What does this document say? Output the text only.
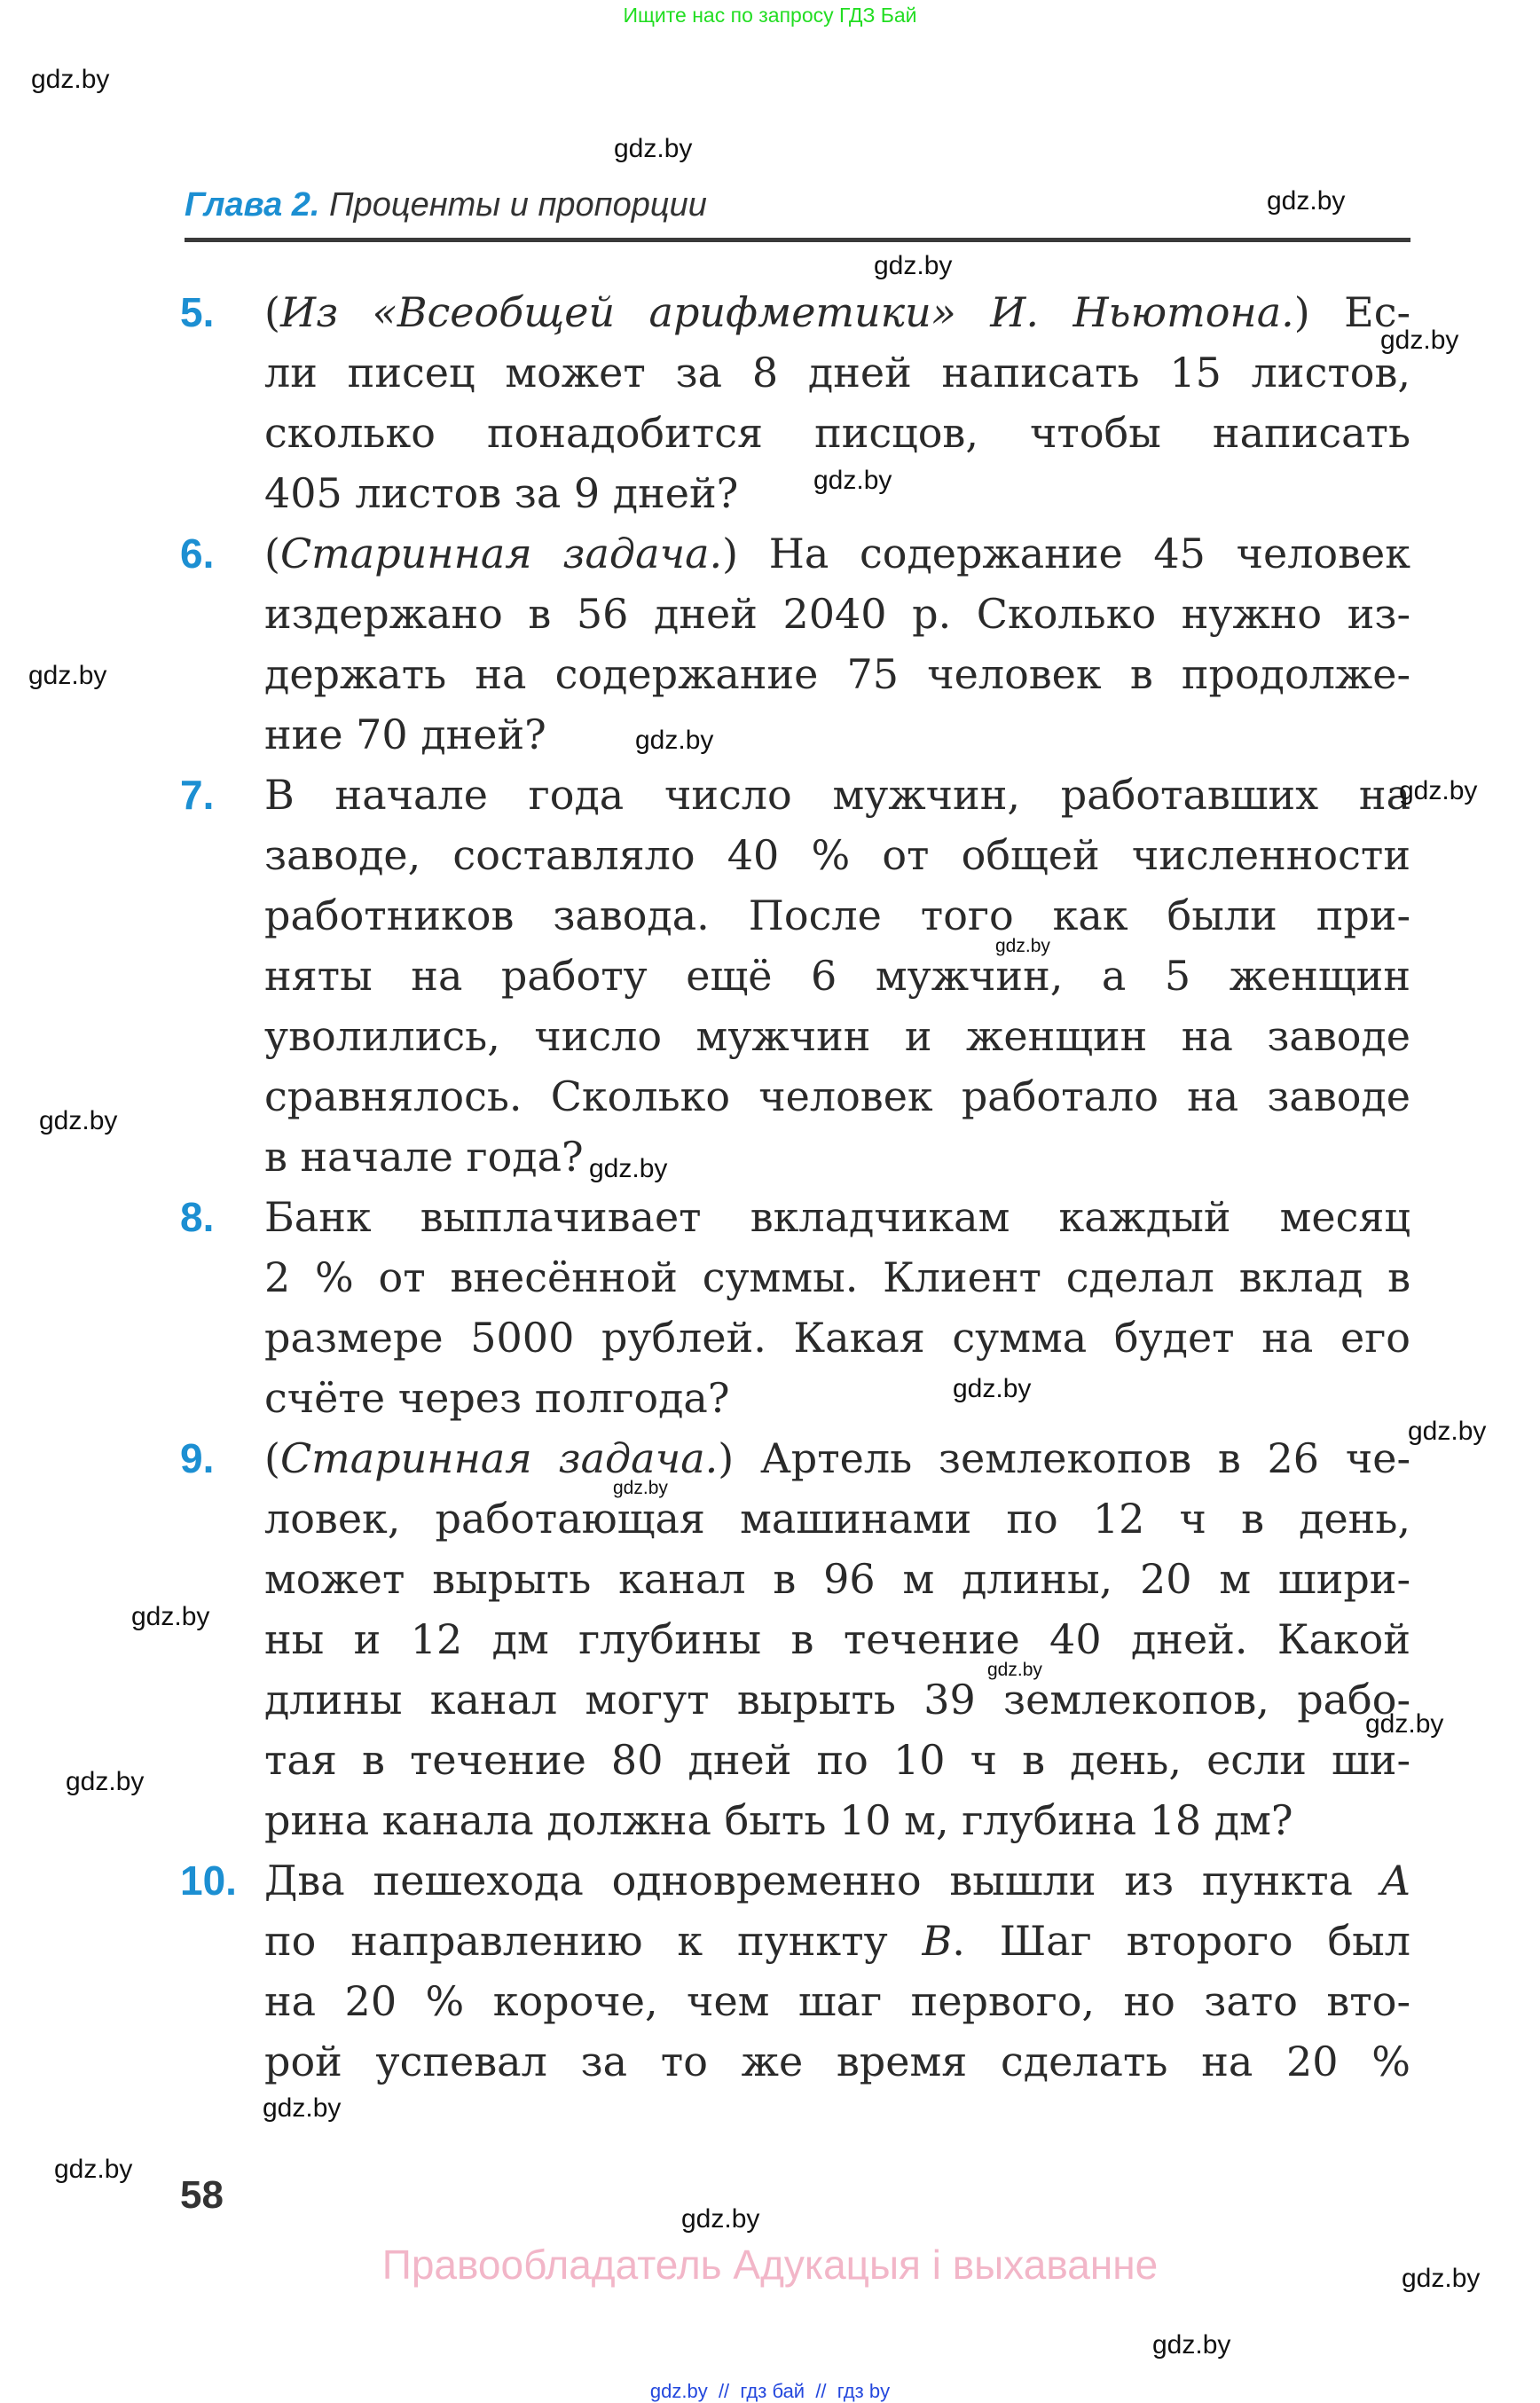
Ищите нас по запросу ГДЗ Бай
Глава 2. Проценты и пропорции
5. (Из «Всеобщей арифметики» И. Ньютона.) Ес-
ли писец может за 8 дней написать 15 листов,
сколько понадобится писцов, чтобы написать
405 листов за 9 дней?
6. (Старинная задача.) На содержание 45 человек
издержано в 56 дней 2040 р. Сколько нужно из-
держать на содержание 75 человек в продолже-
ние 70 дней?
7. В начале года число мужчин, работавших на
заводе, составляло 40 % от общей численности
работников завода. После того как были при-
няты на работу ещё 6 мужчин, а 5 женщин
уволились, число мужчин и женщин на заводе
сравнялось. Сколько человек работало на заводе
в начале года?
8. Банк выплачивает вкладчикам каждый месяц
2 % от внесённой суммы. Клиент сделал вклад в
размере 5000 рублей. Какая сумма будет на его
счёте через полгода?
9. (Старинная задача.) Артель землекопов в 26 че-
ловек, работающая машинами по 12 ч в день,
может вырыть канал в 96 м длины, 20 м шири-
ны и 12 дм глубины в течение 40 дней. Какой
длины канал могут вырыть 39 землекопов, рабо-
тая в течение 80 дней по 10 ч в день, если ши-
рина канала должна быть 10 м, глубина 18 дм?
10. Два пешехода одновременно вышли из пункта A
по направлению к пункту B. Шаг второго был
на 20 % короче, чем шаг первого, но зато вто-
рой успевал за то же время сделать на 20 %
58
Правообладатель Адукацыя і выхаванне
gdz.by  //  гдз бай  //  гдз by
gdz.by
gdz.by
gdz.by
gdz.by
gdz.by
gdz.by
gdz.by
gdz.by
gdz.by
gdz.by
gdz.by
gdz.by
gdz.by
gdz.by
gdz.by
gdz.by
gdz.by
gdz.by
gdz.by
gdz.by
gdz.by
gdz.by
gdz.by
gdz.by
